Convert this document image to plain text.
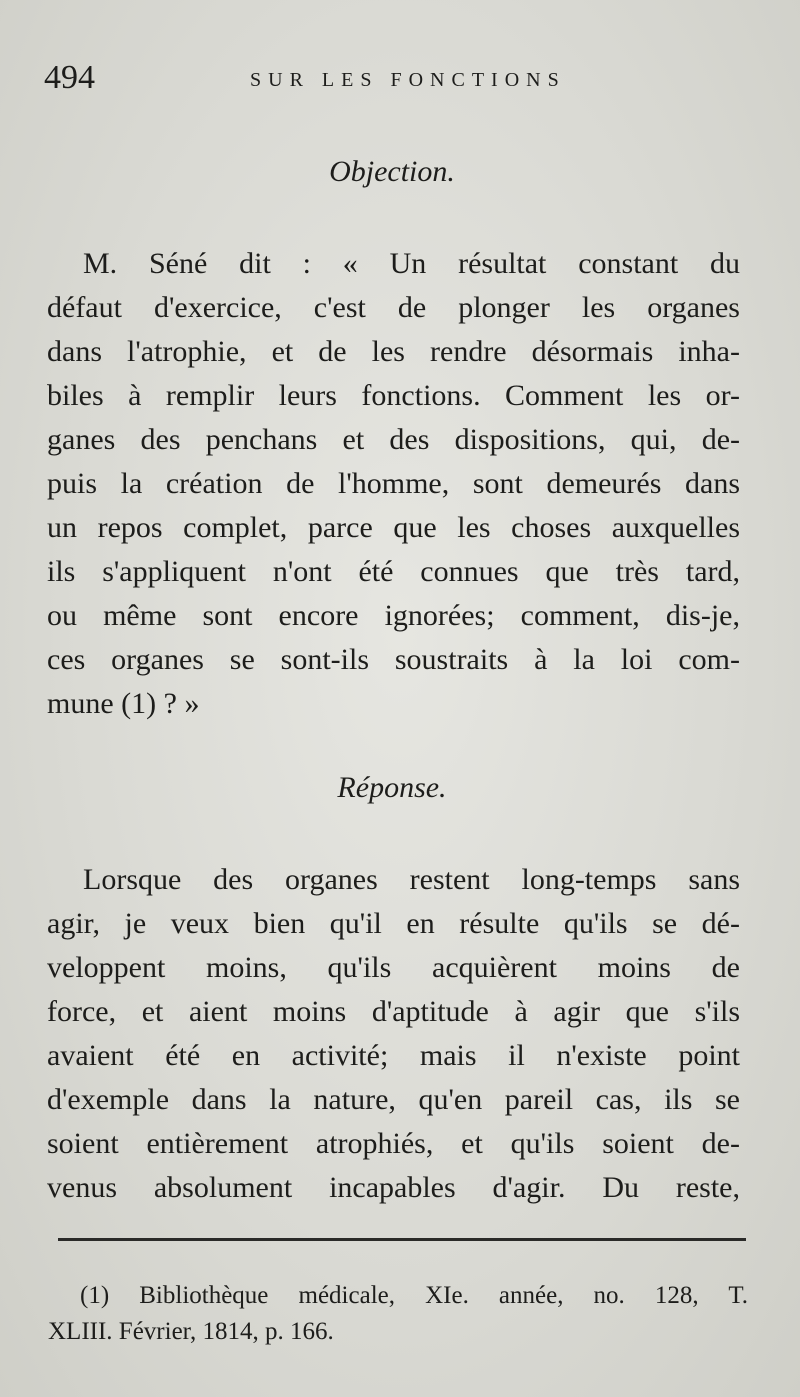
494	SUR LES FONCTIONS
Objection.
M. Séné dit : « Un résultat constant du
défaut d'exercice, c'est de plonger les organes
dans l'atrophie, et de les rendre désormais inha-
biles à remplir leurs fonctions. Comment les or-
ganes des penchans et des dispositions, qui, de-
puis la création de l'homme, sont demeurés dans
un repos complet, parce que les choses auxquelles
ils s'appliquent n'ont été connues que très tard,
ou même sont encore ignorées; comment, dis-je,
ces organes se sont-ils soustraits à la loi com-
mune (1) ? »
Réponse.
Lorsque des organes restent long-temps sans
agir, je veux bien qu'il en résulte qu'ils se dé-
veloppent moins, qu'ils acquièrent moins de
force, et aient moins d'aptitude à agir que s'ils
avaient été en activité; mais il n'existe point
d'exemple dans la nature, qu'en pareil cas, ils se
soient entièrement atrophiés, et qu'ils soient de-
venus absolument incapables d'agir. Du reste,
(1) Bibliothèque médicale, XIe. année, no. 128, T.
XLIII. Février, 1814, p. 166.
